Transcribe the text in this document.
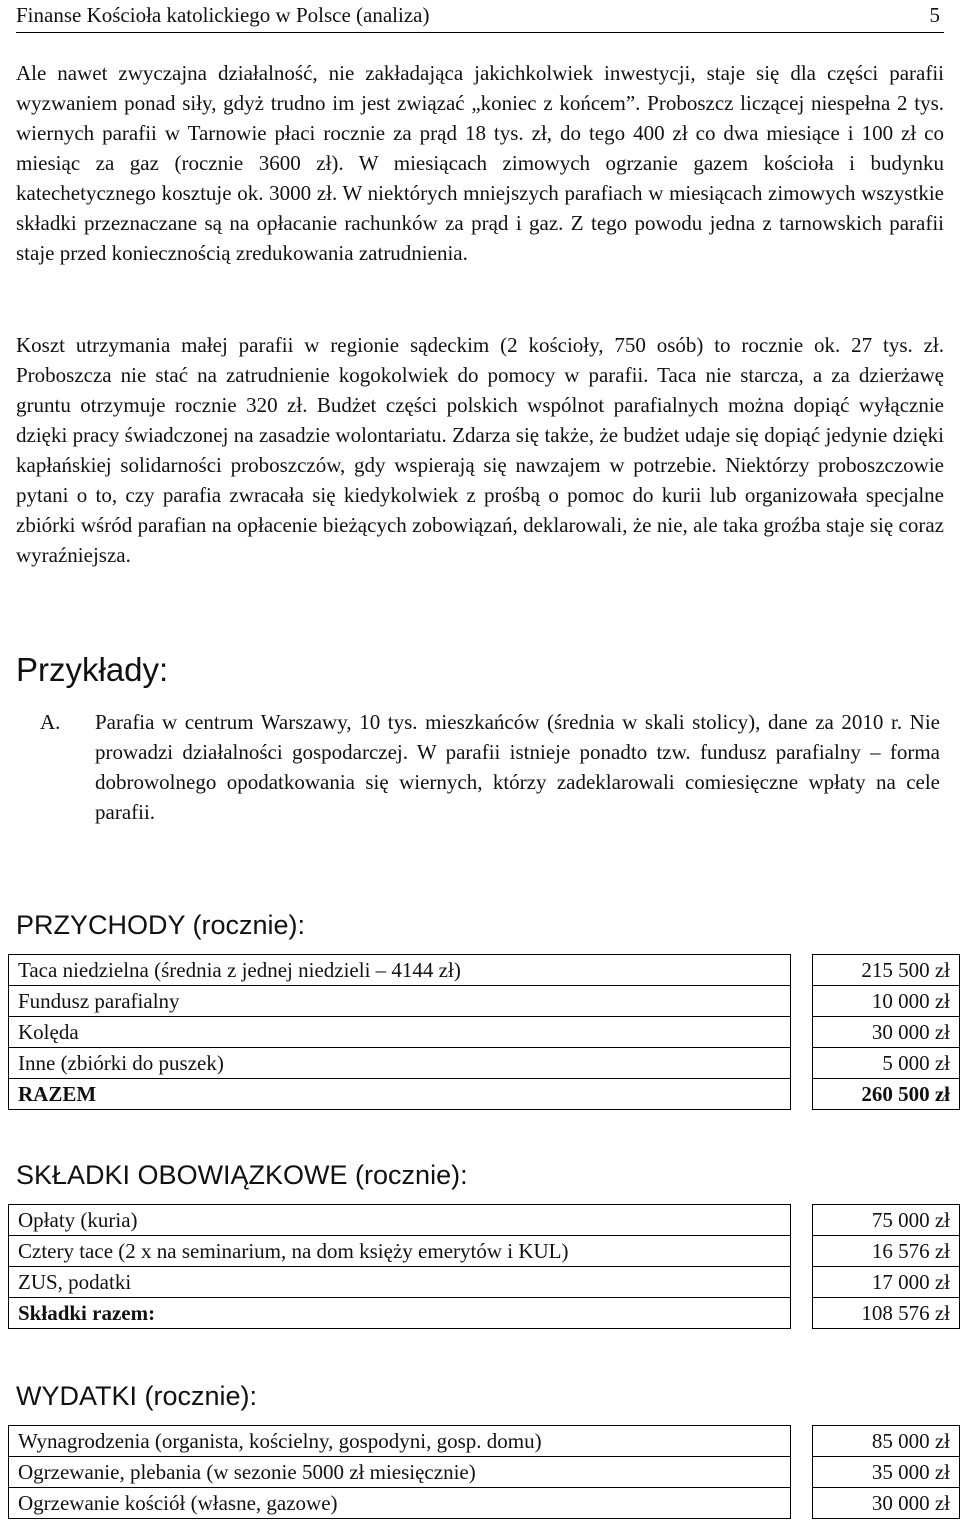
Finanse Kościoła katolickiego w Polsce (analiza)	5
Ale nawet zwyczajna działalność, nie zakładająca jakichkolwiek inwestycji, staje się dla części parafii wyzwaniem ponad siły, gdyż trudno im jest związać „koniec z końcem”. Proboszcz liczącej niespełna 2 tys. wiernych parafii w Tarnowie płaci rocznie za prąd 18 tys. zł, do tego 400 zł co dwa miesiące i 100 zł co miesiąc za gaz (rocznie 3600 zł). W miesiącach zimowych ogrzanie gazem kościoła i budynku katechetycznego kosztuje ok. 3000 zł. W niektórych mniejszych parafiach w miesiącach zimowych wszystkie składki przeznaczane są na opłacanie rachunków za prąd i gaz. Z tego powodu jedna z tarnowskich parafii staje przed koniecznością zredukowania zatrudnienia.
Koszt utrzymania małej parafii w regionie sądeckim (2 kościoły, 750 osób) to rocznie ok. 27 tys. zł. Proboszcza nie stać na zatrudnienie kogokolwiek do pomocy w parafii. Taca nie starcza, a za dzierżawę gruntu otrzymuje rocznie 320 zł. Budżet części polskich wspólnot parafialnych można dopiąć wyłącznie dzięki pracy świadczonej na zasadzie wolontariatu. Zdarza się także, że budżet udaje się dopiąć jedynie dzięki kapłańskiej solidarności proboszczów, gdy wspierają się nawzajem w potrzebie. Niektórzy proboszczowie pytani o to, czy parafia zwracała się kiedykolwiek z prośbą o pomoc do kurii lub organizowała specjalne zbiórki wśród parafian na opłacenie bieżących zobowiązań, deklarowali, że nie, ale taka groźba staje się coraz wyraźniejsza.
Przykłady:
A. Parafia w centrum Warszawy, 10 tys. mieszkańców (średnia w skali stolicy), dane za 2010 r. Nie prowadzi działalności gospodarczej. W parafii istnieje ponadto tzw. fundusz parafialny – forma dobrowolnego opodatkowania się wiernych, którzy zadeklarowali comiesięczne wpłaty na cele parafii.
PRZYCHODY (rocznie):
Taca niedzielna (średnia z jednej niedzieli – 4144 zł)		215 500 zł
Fundusz parafialny		10 000 zł
Kolęda		30 000 zł
Inne (zbiórki do puszek)		5 000 zł
RAZEM		260 500 zł
SKŁADKI OBOWIĄZKOWE (rocznie):
Opłaty (kuria)		75 000 zł
Cztery tace (2 x na seminarium, na dom księży emerytów i KUL)		16 576 zł
ZUS, podatki		17 000 zł
Składki razem:		108 576 zł
WYDATKI (rocznie):
Wynagrodzenia (organista, kościelny, gospodyni, gosp. domu)		85 000 zł
Ogrzewanie, plebania (w sezonie 5000 zł miesięcznie)		35 000 zł
Ogrzewanie kościół (własne, gazowe)		30 000 zł
